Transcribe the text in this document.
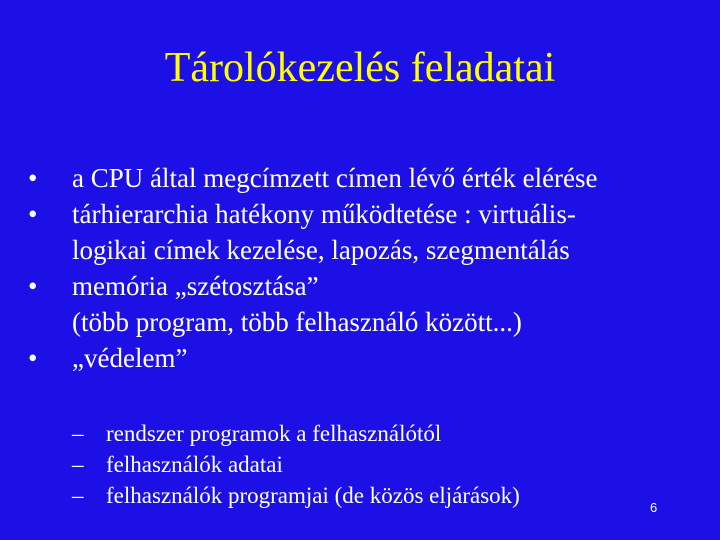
Tárolókezelés feladatai
•	a CPU által megcímzett címen lévő érték elérése
•	tárhierarchia hatékony működtetése : virtuális-
logikai címek kezelése, lapozás, szegmentálás
•	memória „szétosztása”
(több program, több felhasználó között...)
•	„védelem”
– rendszer programok a felhasználótól
– felhasználók adatai
– felhasználók programjai (de közös eljárások)	6
